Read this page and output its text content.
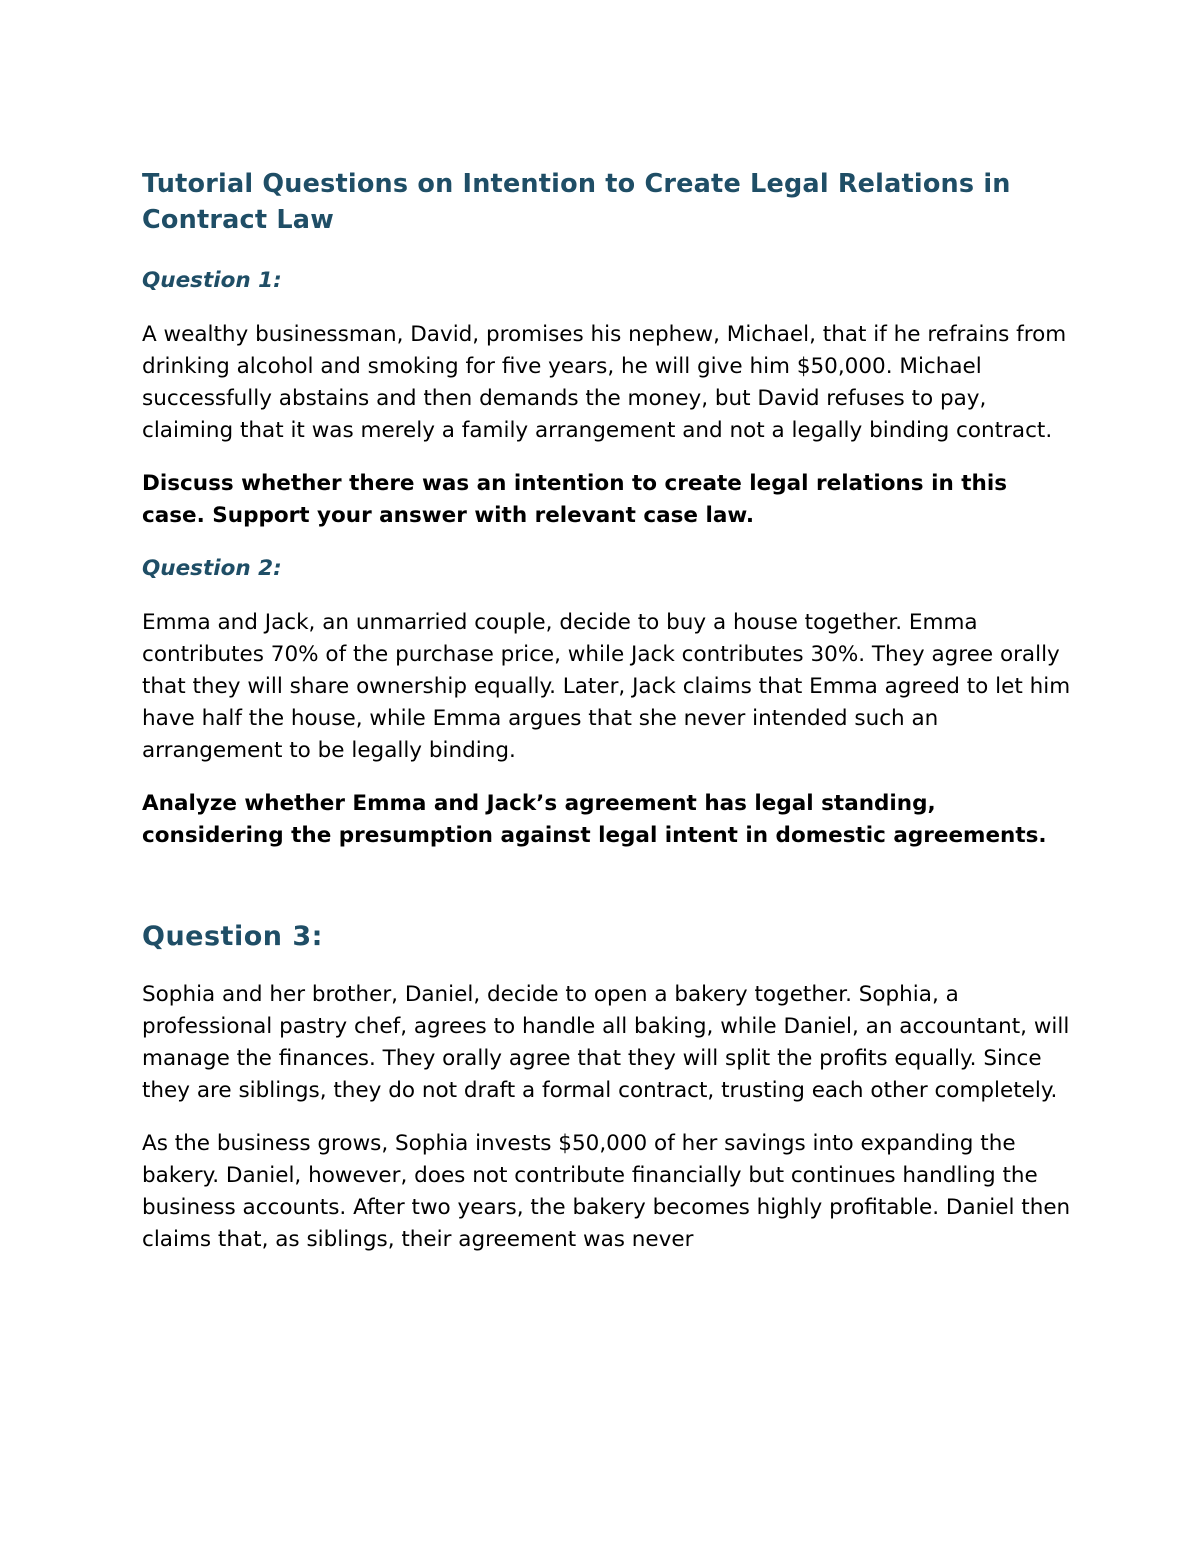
Tutorial Questions on Intention to Create Legal Relations in Contract Law
Question 1:

A wealthy businessman, David, promises his nephew, Michael, that if he refrains from drinking alcohol and smoking for five years, he will give him $50,000. Michael successfully abstains and then demands the money, but David refuses to pay, claiming that it was merely a family arrangement and not a legally binding contract.

Discuss whether there was an intention to create legal relations in this case. Support your answer with relevant case law.

Question 2:

Emma and Jack, an unmarried couple, decide to buy a house together. Emma contributes 70% of the purchase price, while Jack contributes 30%. They agree orally that they will share ownership equally. Later, Jack claims that Emma agreed to let him have half the house, while Emma argues that she never intended such an arrangement to be legally binding.

Analyze whether Emma and Jack’s agreement has legal standing, considering the presumption against legal intent in domestic agreements.

Question 3:

Sophia and her brother, Daniel, decide to open a bakery together. Sophia, a professional pastry chef, agrees to handle all baking, while Daniel, an accountant, will manage the finances. They orally agree that they will split the profits equally. Since they are siblings, they do not draft a formal contract, trusting each other completely.

As the business grows, Sophia invests $50,000 of her savings into expanding the bakery. Daniel, however, does not contribute financially but continues handling the business accounts. After two years, the bakery becomes highly profitable. Daniel then claims that, as siblings, their agreement was never
